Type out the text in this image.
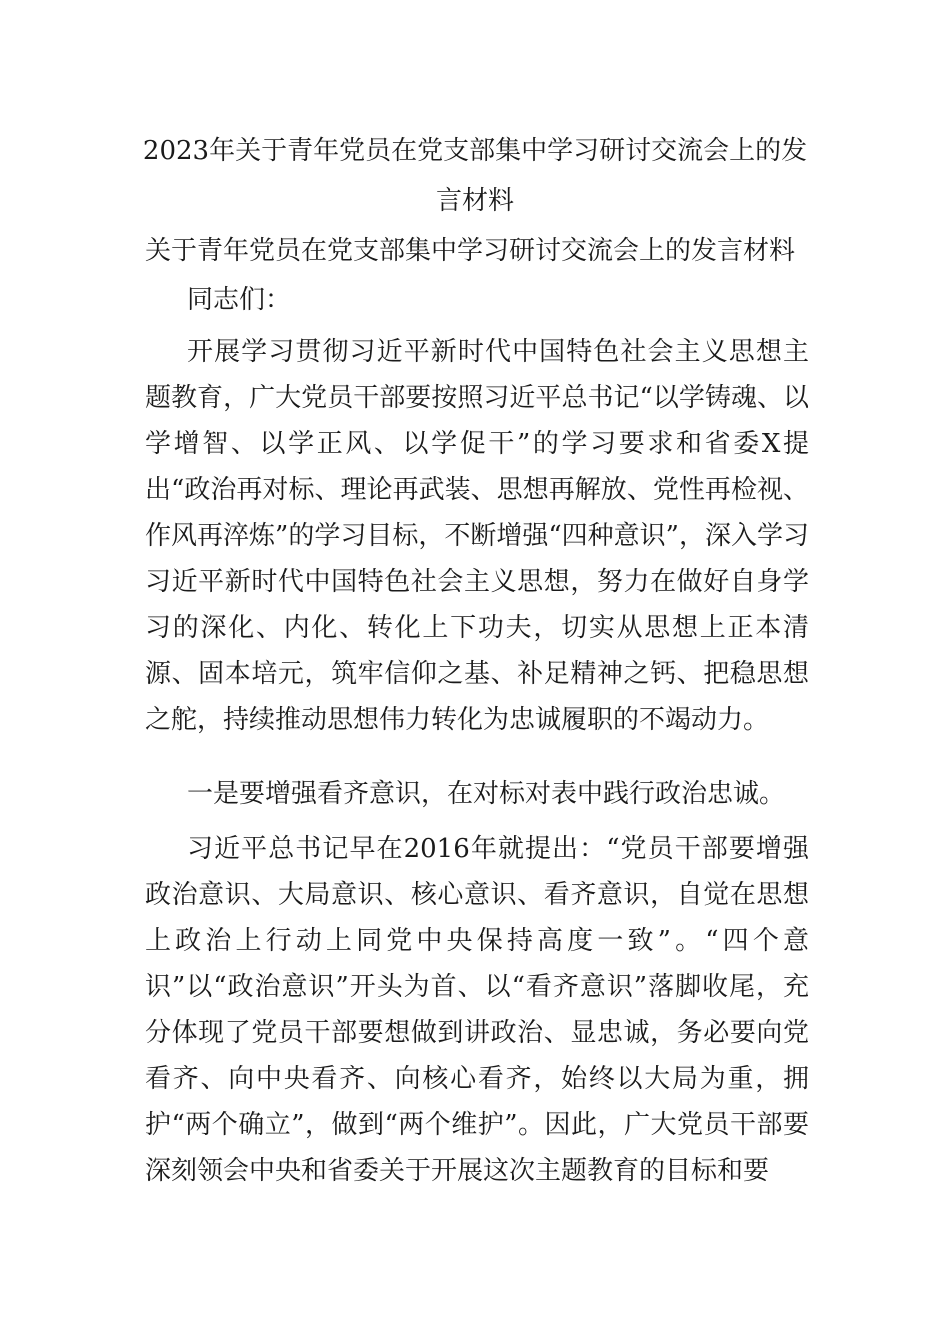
2023年关于青年党员在党支部集中学习研讨交流会上的发言材料

关于青年党员在党支部集中学习研讨交流会上的发言材料

同志们：

开展学习贯彻习近平新时代中国特色社会主义思想主题教育，广大党员干部要按照习近平总书记“以学铸魂、以学增智、以学正风、以学促干”的学习要求和省委X提出“政治再对标、理论再武装、思想再解放、党性再检视、作风再淬炼”的学习目标，不断增强“四种意识”，深入学习习近平新时代中国特色社会主义思想，努力在做好自身学习的深化、内化、转化上下功夫，切实从思想上正本清源、固本培元，筑牢信仰之基、补足精神之钙、把稳思想之舵，持续推动思想伟力转化为忠诚履职的不竭动力。

一是要增强看齐意识，在对标对表中践行政治忠诚。

习近平总书记早在2016年就提出：“党员干部要增强政治意识、大局意识、核心意识、看齐意识，自觉在思想上政治上行动上同党中央保持高度一致”。“四个意识”以“政治意识”开头为首、以“看齐意识”落脚收尾，充分体现了党员干部要想做到讲政治、显忠诚，务必要向党看齐、向中央看齐、向核心看齐，始终以大局为重，拥护“两个确立”，做到“两个维护”。因此，广大党员干部要深刻领会中央和省委关于开展这次主题教育的目标和要
